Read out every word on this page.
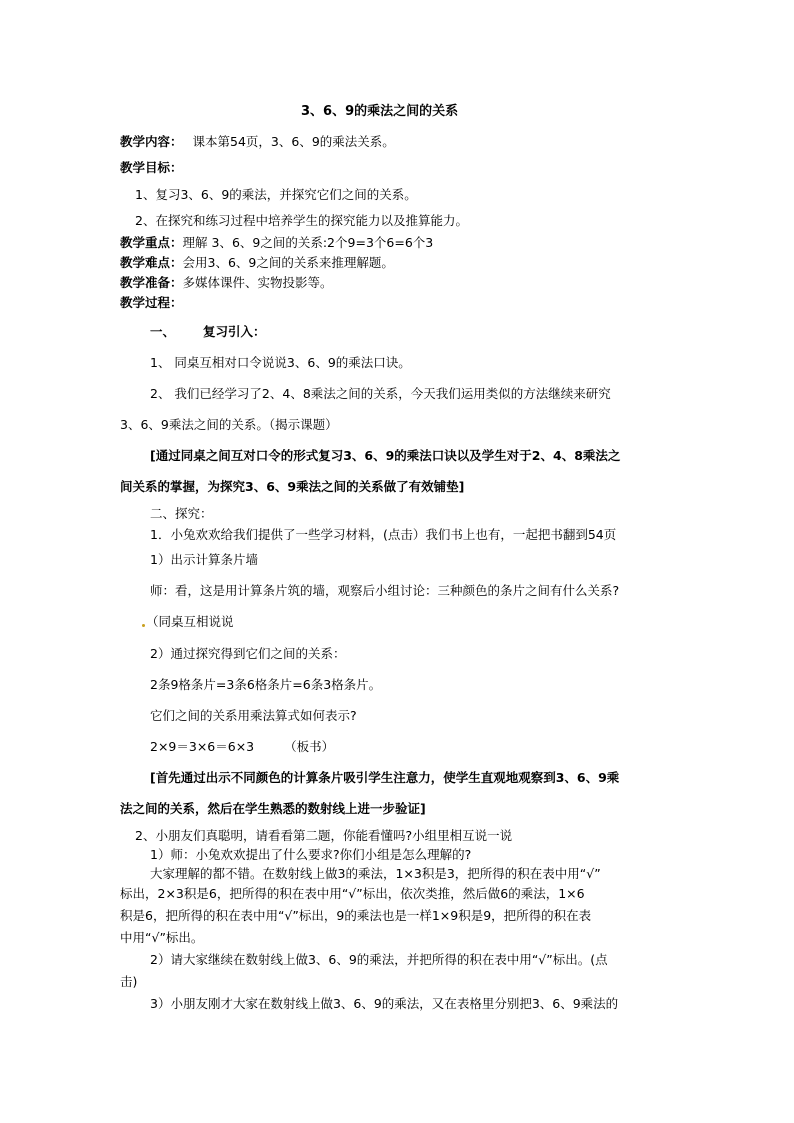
3、6、9的乘法之间的关系
教学内容： 课本第54页，3、6、9的乘法关系。
教学目标：
1、复习3、6、9的乘法，并探究它们之间的关系。
2、在探究和练习过程中培养学生的探究能力以及推算能力。
教学重点：理解 3、6、9之间的关系:2个9=3个6=6个3
教学难点：会用3、6、9之间的关系来推理解题。
教学准备：多媒体课件、实物投影等。
教学过程：
一、 复习引入：
1、 同桌互相对口令说说3、6、9的乘法口诀。
2、 我们已经学习了2、4、8乘法之间的关系，今天我们运用类似的方法继续来研究
3、6、9乘法之间的关系。（揭示课题）
[通过同桌之间互对口令的形式复习3、6、9的乘法口诀以及学生对于2、4、8乘法之
间关系的掌握，为探究3、6、9乘法之间的关系做了有效铺垫]
二、探究：
1．小兔欢欢给我们提供了一些学习材料，(点击）我们书上也有，一起把书翻到54页
1）出示计算条片墙
师：看，这是用计算条片筑的墙，观察后小组讨论：三种颜色的条片之间有什么关系?
（同桌互相说说
2）通过探究得到它们之间的关系：
2条9格条片=3条6格条片=6条3格条片。
它们之间的关系用乘法算式如何表示?
2×9＝3×6＝6×3 （板书）
[首先通过出示不同颜色的计算条片吸引学生注意力，使学生直观地观察到3、6、9乘
法之间的关系，然后在学生熟悉的数射线上进一步验证]
2、小朋友们真聪明，请看看第二题，你能看懂吗?小组里相互说一说
1）师：小兔欢欢提出了什么要求?你们小组是怎么理解的?
大家理解的都不错。在数射线上做3的乘法，1×3积是3，把所得的积在表中用“√”
标出，2×3积是6，把所得的积在表中用“√”标出，依次类推，然后做6的乘法，1×6
积是6，把所得的积在表中用“√”标出，9的乘法也是一样1×9积是9，把所得的积在表
中用“√”标出。
2）请大家继续在数射线上做3、6、9的乘法，并把所得的积在表中用“√”标出。(点
击)
3）小朋友刚才大家在数射线上做3、6、9的乘法，又在表格里分别把3、6、9乘法的
